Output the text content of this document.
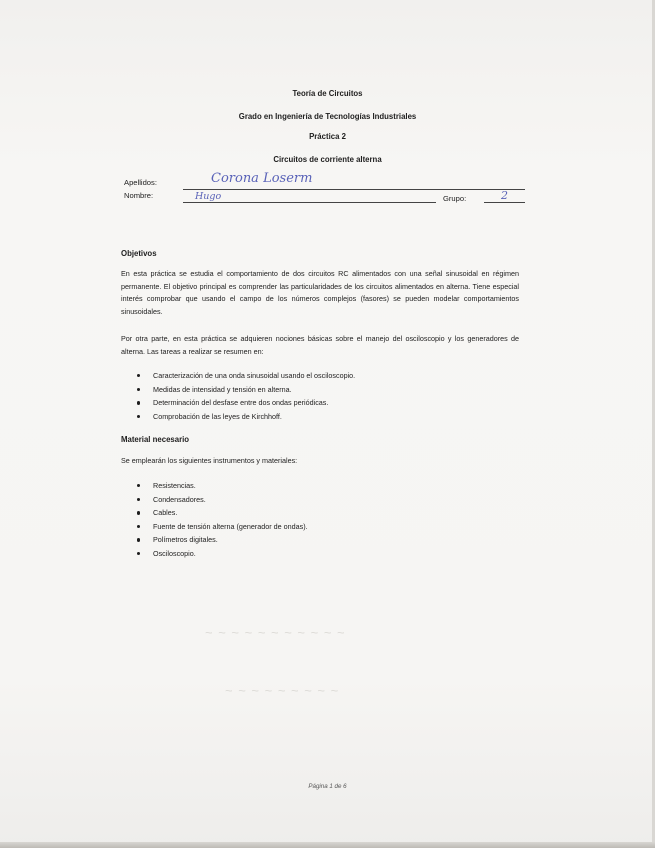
~ ~ ~ ~ ~ ~ ~ ~ ~ ~ ~
~ ~ ~ ~ ~ ~ ~ ~ ~
Teoría de Circuitos
Grado en Ingeniería de Tecnologías Industriales
Práctica 2
Circuitos de corriente alterna
Apellidos:	Corona Loserm
Nombre:	Hugo	Grupo:	2
Objetivos

En esta práctica se estudia el comportamiento de dos circuitos RC alimentados con una señal sinusoidal en régimen permanente. El objetivo principal es comprender las particularidades de los circuitos alimentados en alterna. Tiene especial interés comprobar que usando el campo de los números complejos (fasores) se pueden modelar comportamientos sinusoidales.

Por otra parte, en esta práctica se adquieren nociones básicas sobre el manejo del osciloscopio y los generadores de alterna. Las tareas a realizar se resumen en:

Caracterización de una onda sinusoidal usando el osciloscopio.
Medidas de intensidad y tensión en alterna.
Determinación del desfase entre dos ondas periódicas.
Comprobación de las leyes de Kirchhoff.
Material necesario

Se emplearán los siguientes instrumentos y materiales:

Resistencias.
Condensadores.
Cables.
Fuente de tensión alterna (generador de ondas).
Polímetros digitales.
Osciloscopio.
Página 1 de 6
